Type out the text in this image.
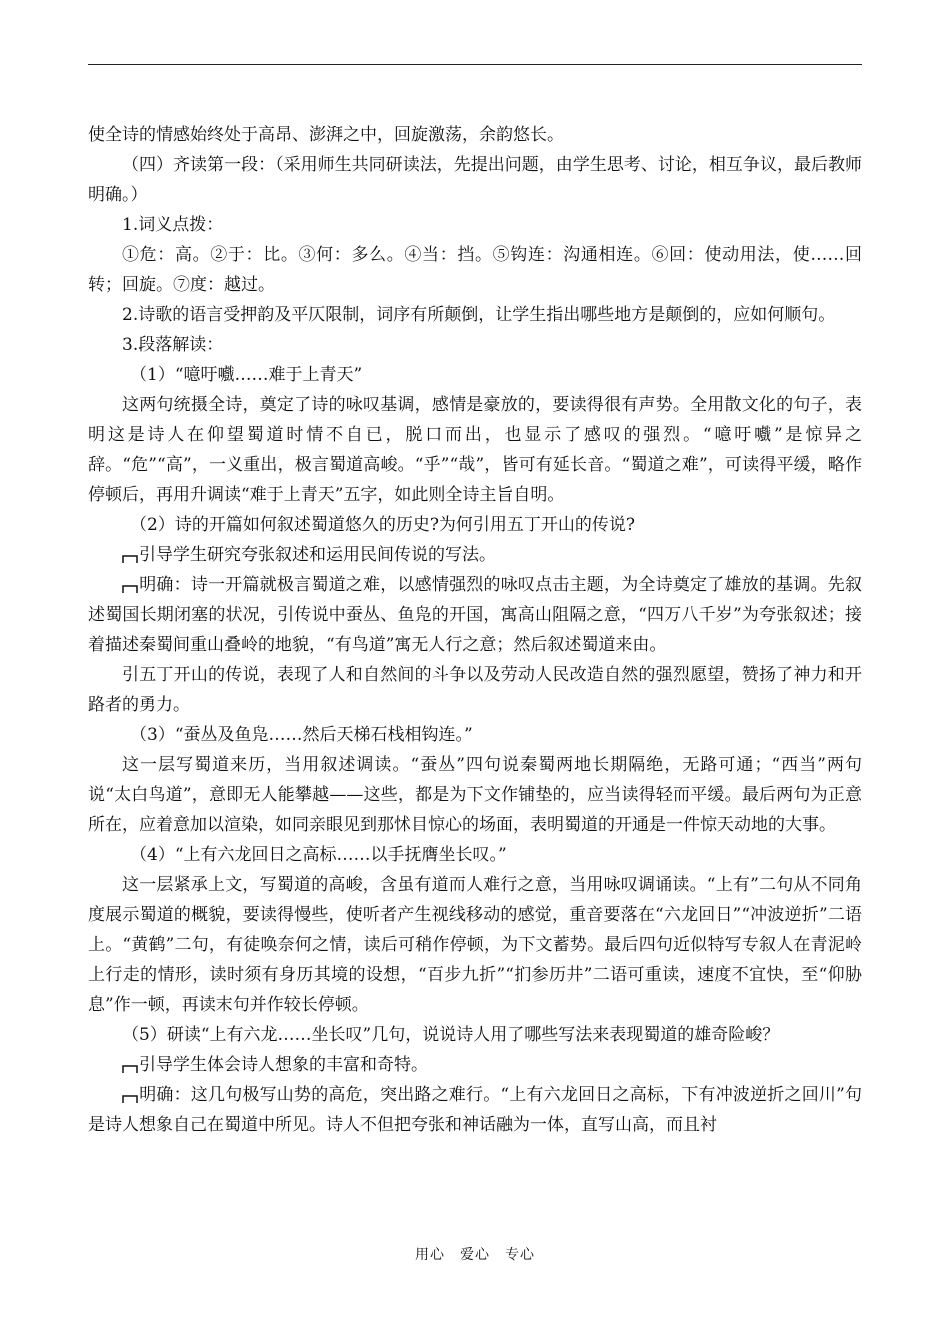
使全诗的情感始终处于高昂、澎湃之中，回旋激荡，余韵悠长。

（四）齐读第一段：（采用师生共同研读法，先提出问题，由学生思考、讨论，相互争议，最后教师明确。）

1.词义点拨：

①危：高。②于：比。③何：多么。④当：挡。⑤钩连：沟通相连。⑥回：使动用法，使……回转；回旋。⑦度：越过。

2.诗歌的语言受押韵及平仄限制，词序有所颠倒，让学生指出哪些地方是颠倒的，应如何顺句。

3.段落解读：

（1）“噫吁嚱……难于上青天”

这两句统摄全诗，奠定了诗的咏叹基调，感情是豪放的，要读得很有声势。全用散文化的句子，表明这是诗人在仰望蜀道时情不自已，脱口而出，也显示了感叹的强烈。“噫吁嚱”是惊异之辞。“危”“高”，一义重出，极言蜀道高峻。“乎”“哉”，皆可有延长音。“蜀道之难”，可读得平缓，略作停顿后，再用升调读“难于上青天”五字，如此则全诗主旨自明。

（2）诗的开篇如何叙述蜀道悠久的历史?为何引用五丁开山的传说?

引导学生研究夸张叙述和运用民间传说的写法。

明确：诗一开篇就极言蜀道之难，以感情强烈的咏叹点击主题，为全诗奠定了雄放的基调。先叙述蜀国长期闭塞的状况，引传说中蚕丛、鱼凫的开国，寓高山阻隔之意，“四万八千岁”为夸张叙述；接着描述秦蜀间重山叠岭的地貌，“有鸟道”寓无人行之意；然后叙述蜀道来由。

引五丁开山的传说，表现了人和自然间的斗争以及劳动人民改造自然的强烈愿望，赞扬了神力和开路者的勇力。

（3）“蚕丛及鱼凫……然后天梯石栈相钩连。”

这一层写蜀道来历，当用叙述调读。“蚕丛”四句说秦蜀两地长期隔绝，无路可通；“西当”两句说“太白鸟道”，意即无人能攀越——这些，都是为下文作铺垫的，应当读得轻而平缓。最后两句为正意所在，应着意加以渲染，如同亲眼见到那怵目惊心的场面，表明蜀道的开通是一件惊天动地的大事。

（4）“上有六龙回日之高标……以手抚膺坐长叹。”

这一层紧承上文，写蜀道的高峻，含虽有道而人难行之意，当用咏叹调诵读。“上有”二句从不同角度展示蜀道的概貌，要读得慢些，使听者产生视线移动的感觉，重音要落在“六龙回日”“冲波逆折”二语上。“黄鹤”二句，有徒唤奈何之情，读后可稍作停顿，为下文蓄势。最后四句近似特写专叙人在青泥岭上行走的情形，读时须有身历其境的设想，“百步九折”“扪参历井”二语可重读，速度不宜快，至“仰胁息”作一顿，再读末句并作较长停顿。

（5）研读“上有六龙……坐长叹”几句，说说诗人用了哪些写法来表现蜀道的雄奇险峻？

引导学生体会诗人想象的丰富和奇特。

明确：这几句极写山势的高危，突出路之难行。“上有六龙回日之高标，下有冲波逆折之回川”句是诗人想象自己在蜀道中所见。诗人不但把夸张和神话融为一体，直写山高，而且衬

用心　爱心　专心
